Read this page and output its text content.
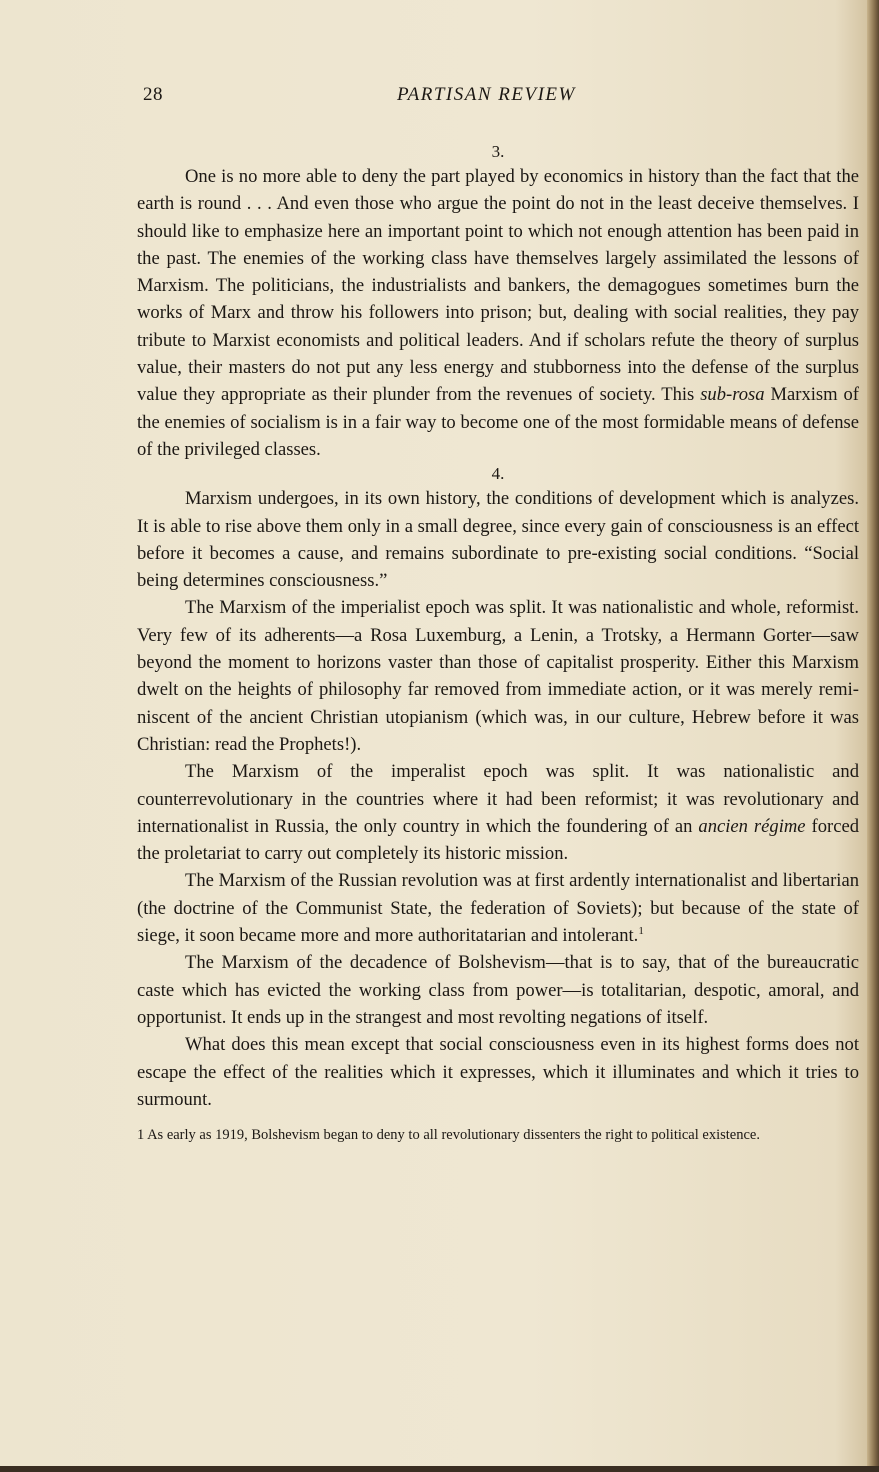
28	PARTISAN REVIEW
3.

One is no more able to deny the part played by economics in history than the fact that the earth is round . . . And even those who argue the point do not in the least deceive themselves. I should like to emphasize here an important point to which not enough attention has been paid in the past. The enemies of the working class have themselves largely assimilated the lessons of Marxism. The politicians, the industrialists and bankers, the demagogues sometimes burn the works of Marx and throw his followers into prison; but, dealing with social realities, they pay tribute to Marxist economists and political leaders. And if scholars refute the theory of surplus value, their masters do not put any less energy and stubborness into the defense of the surplus value they appropriate as their plunder from the revenues of society. This sub-rosa Marxism of the enemies of socialism is in a fair way to become one of the most formidable means of defense of the privileged classes.

4.

Marxism undergoes, in its own history, the conditions of development which is analyzes. It is able to rise above them only in a small degree, since every gain of consciousness is an effect before it becomes a cause, and remains subordinate to pre-existing social conditions. “Social being determines consciousness.”

The Marxism of the imperialist epoch was split. It was nationalistic and whole, reformist. Very few of its adherents—a Rosa Luxemburg, a Lenin, a Trotsky, a Hermann Gorter—saw beyond the moment to horizons vaster than those of capitalist prosperity. Either this Marxism dwelt on the heights of philosophy far removed from immediate action, or it was merely reminiscent of the ancient Christian utopianism (which was, in our culture, Hebrew before it was Christian: read the Prophets!).

The Marxism of the imperalist epoch was split. It was nationalistic and counterrevolutionary in the countries where it had been reformist; it was revolutionary and internationalist in Russia, the only country in which the foundering of an ancien régime forced the proletariat to carry out completely its historic mission.

The Marxism of the Russian revolution was at first ardently internationalist and libertarian (the doctrine of the Communist State, the federation of Soviets); but because of the state of siege, it soon became more and more authoritatarian and intolerant.$^1$

The Marxism of the decadence of Bolshevism—that is to say, that of the bureaucratic caste which has evicted the working class from power—is totalitarian, despotic, amoral, and opportunist. It ends up in the strangest and most revolting negations of itself.

What does this mean except that social consciousness even in its highest forms does not escape the effect of the realities which it expresses, which it illuminates and which it tries to surmount.

1 As early as 1919, Bolshevism began to deny to all revolutionary dissenters the right to political existence.
